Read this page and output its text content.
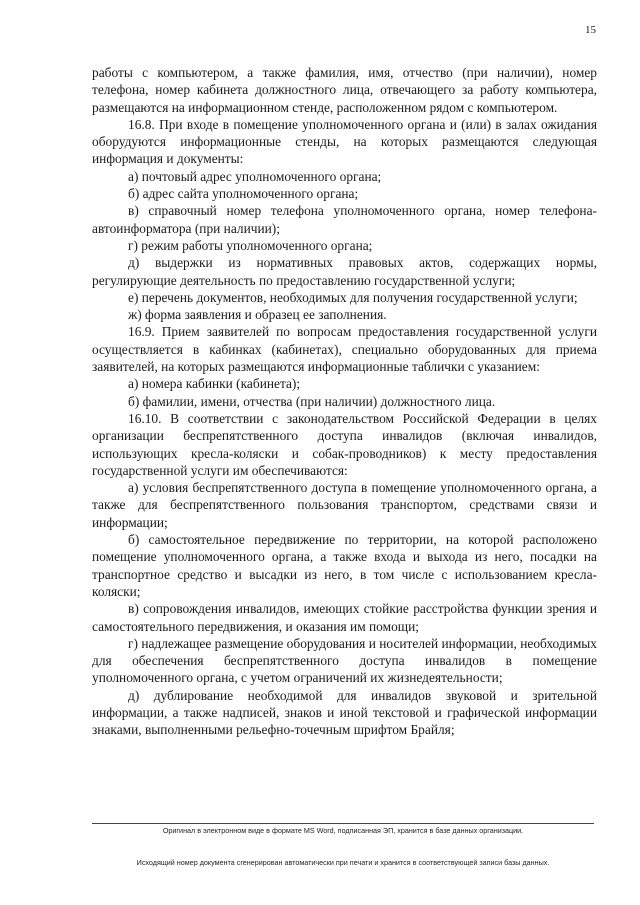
15

работы с компьютером, а также фамилия, имя, отчество (при наличии), номер телефона, номер кабинета должностного лица, отвечающего за работу компьютера, размещаются на информационном стенде, расположенном рядом с компьютером.

16.8. При входе в помещение уполномоченного органа и (или) в залах ожидания оборудуются информационные стенды, на которых размещаются следующая информация и документы:

а) почтовый адрес уполномоченного органа;

б) адрес сайта уполномоченного органа;

в) справочный номер телефона уполномоченного органа, номер телефона-автоинформатора (при наличии);

г) режим работы уполномоченного органа;

д) выдержки из нормативных правовых актов, содержащих нормы, регулирующие деятельность по предоставлению государственной услуги;

е) перечень документов, необходимых для получения государственной услуги;

ж) форма заявления и образец ее заполнения.

16.9. Прием заявителей по вопросам предоставления государственной услуги осуществляется в кабинках (кабинетах), специально оборудованных для приема заявителей, на которых размещаются информационные таблички с указанием:

а) номера кабинки (кабинета);

б) фамилии, имени, отчества (при наличии) должностного лица.

16.10. В соответствии с законодательством Российской Федерации в целях организации беспрепятственного доступа инвалидов (включая инвалидов, использующих кресла-коляски и собак-проводников) к месту предоставления государственной услуги им обеспечиваются:

а) условия беспрепятственного доступа в помещение уполномоченного органа, а также для беспрепятственного пользования транспортом, средствами связи и информации;

б) самостоятельное передвижение по территории, на которой расположено помещение уполномоченного органа, а также входа и выхода из него, посадки на транспортное средство и высадки из него, в том числе с использованием кресла-коляски;

в) сопровождения инвалидов, имеющих стойкие расстройства функции зрения и самостоятельного передвижения, и оказания им помощи;

г) надлежащее размещение оборудования и носителей информации, необходимых для обеспечения беспрепятственного доступа инвалидов в помещение уполномоченного органа, с учетом ограничений их жизнедеятельности;

д) дублирование необходимой для инвалидов звуковой и зрительной информации, а также надписей, знаков и иной текстовой и графической информации знаками, выполненными рельефно-точечным шрифтом Брайля;

Оригинал в электронном виде в формате MS Word, подписанная ЭП, хранится в базе данных организации.
Исходящий номер документа сгенерирован автоматически при печати и хранится в соответствующей записи базы данных.
